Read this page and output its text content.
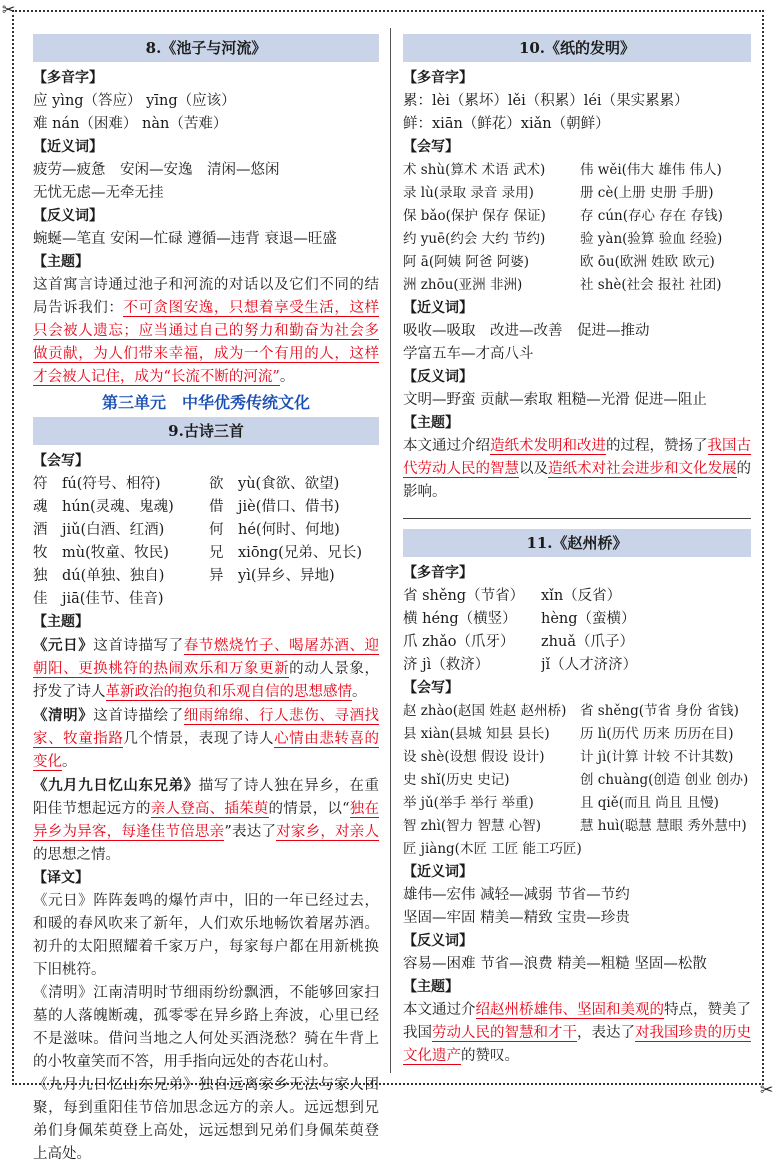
✂
✂
8.《池子与河流》
【多音字】
应 yìng（答应） yīng（应该）
难 nán（困难） nàn（苦难）
【近义词】
疲劳—疲惫　安闲—安逸　清闲—悠闲
无忧无虑—无牵无挂
【反义词】
蜿蜒—笔直 安闲—忙碌 遵循—违背 衰退—旺盛
【主题】
这首寓言诗通过池子和河流的对话以及它们不同的结局告诉我们：不可贪图安逸，只想着享受生活，这样只会被人遗忘；应当通过自己的努力和勤奋为社会多做贡献，为人们带来幸福，成为一个有用的人，这样才会被人记住，成为“长流不断的河流”。
第三单元　中华优秀传统文化
9.古诗三首
【会写】
符　fú(符号、相符)	欲　yù(食欲、欲望)
魂　hún(灵魂、鬼魂)	借　jiè(借口、借书)
酒　jiǔ(白酒、红酒)	何　hé(何时、何地)
牧　mù(牧童、牧民)	兄　xiōng(兄弟、兄长)
独　dú(单独、独自)	异　yì(异乡、异地)
佳　jiā(佳节、佳音)
【主题】
《元日》这首诗描写了春节燃烧竹子、喝屠苏酒、迎朝阳、更换桃符的热闹欢乐和万象更新的动人景象，抒发了诗人革新政治的抱负和乐观自信的思想感情。
《清明》这首诗描绘了细雨绵绵、行人悲伤、寻酒找家、牧童指路几个情景，表现了诗人心情由悲转喜的变化。
《九月九日忆山东兄弟》描写了诗人独在异乡，在重阳佳节想起远方的亲人登高、插茱萸的情景，以“独在异乡为异客，每逢佳节倍思亲”表达了对家乡，对亲人的思想之情。
【译文】
《元日》阵阵轰鸣的爆竹声中，旧的一年已经过去，和暖的春风吹来了新年，人们欢乐地畅饮着屠苏酒。初升的太阳照耀着千家万户，每家每户都在用新桃换下旧桃符。
《清明》江南清明时节细雨纷纷飘洒，不能够回家扫墓的人落魄断魂，孤零零在异乡路上奔波，心里已经不是滋味。借问当地之人何处买酒浇愁？骑在牛背上的小牧童笑而不答，用手指向远处的杏花山村。
《九月九日忆山东兄弟》独自远离家乡无法与家人团聚，每到重阳佳节倍加思念远方的亲人。远远想到兄弟们身佩茱萸登上高处，远远想到兄弟们身佩茱萸登上高处。
10.《纸的发明》
【多音字】
累：lèi（累坏）lěi（积累）léi（果实累累）
鲜：xiān（鲜花）xiǎn（朝鲜）
【会写】
术 shù(算术 术语 武术)	伟 wěi(伟大 雄伟 伟人)
录 lù(录取 录音 录用)	册 cè(上册 史册 手册)
保 bǎo(保护 保存 保证)	存 cún(存心 存在 存钱)
约 yuē(约会 大约 节约)	验 yàn(验算 验血 经验)
阿 ā(阿姨 阿爸 阿婆)	欧 ōu(欧洲 姓欧 欧元)
洲 zhōu(亚洲 非洲)	社 shè(社会 报社 社团)
【近义词】
吸收—吸取　改进—改善　促进—推动
学富五车—才高八斗
【反义词】
文明—野蛮 贡献—索取 粗糙—光滑 促进—阻止
【主题】
本文通过介绍造纸术发明和改进的过程，赞扬了我国古代劳动人民的智慧以及造纸术对社会进步和文化发展的影响。
11.《赵州桥》
【多音字】
省 shěng（节省）	xǐn（反省）
横 héng（横竖）	hèng（蛮横）
爪 zhǎo（爪牙）	zhuǎ（爪子）
济 jì（救济）	jǐ（人才济济）
【会写】
赵 zhào(赵国 姓赵 赵州桥)	省 shěng(节省 身份 省钱)
县 xiàn(县城 知县 县长)	历 lì(历代 历来 历历在目)
设 shè(设想 假设 设计)	计 jì(计算 计较 不计其数)
史 shǐ(历史 史记)	创 chuàng(创造 创业 创办)
举 jǔ(举手 举行 举重)	且 qiě(而且 尚且 且慢)
智 zhì(智力 智慧 心智)	慧 huì(聪慧 慧眼 秀外慧中)
匠 jiàng(木匠 工匠 能工巧匠)
【近义词】
雄伟—宏伟 减轻—减弱 节省—节约
坚固—牢固 精美—精致 宝贵—珍贵
【反义词】
容易—困难 节省—浪费 精美—粗糙 坚固—松散
【主题】
本文通过介绍赵州桥雄伟、坚固和美观的特点，赞美了我国劳动人民的智慧和才干，表达了对我国珍贵的历史文化遗产的赞叹。
